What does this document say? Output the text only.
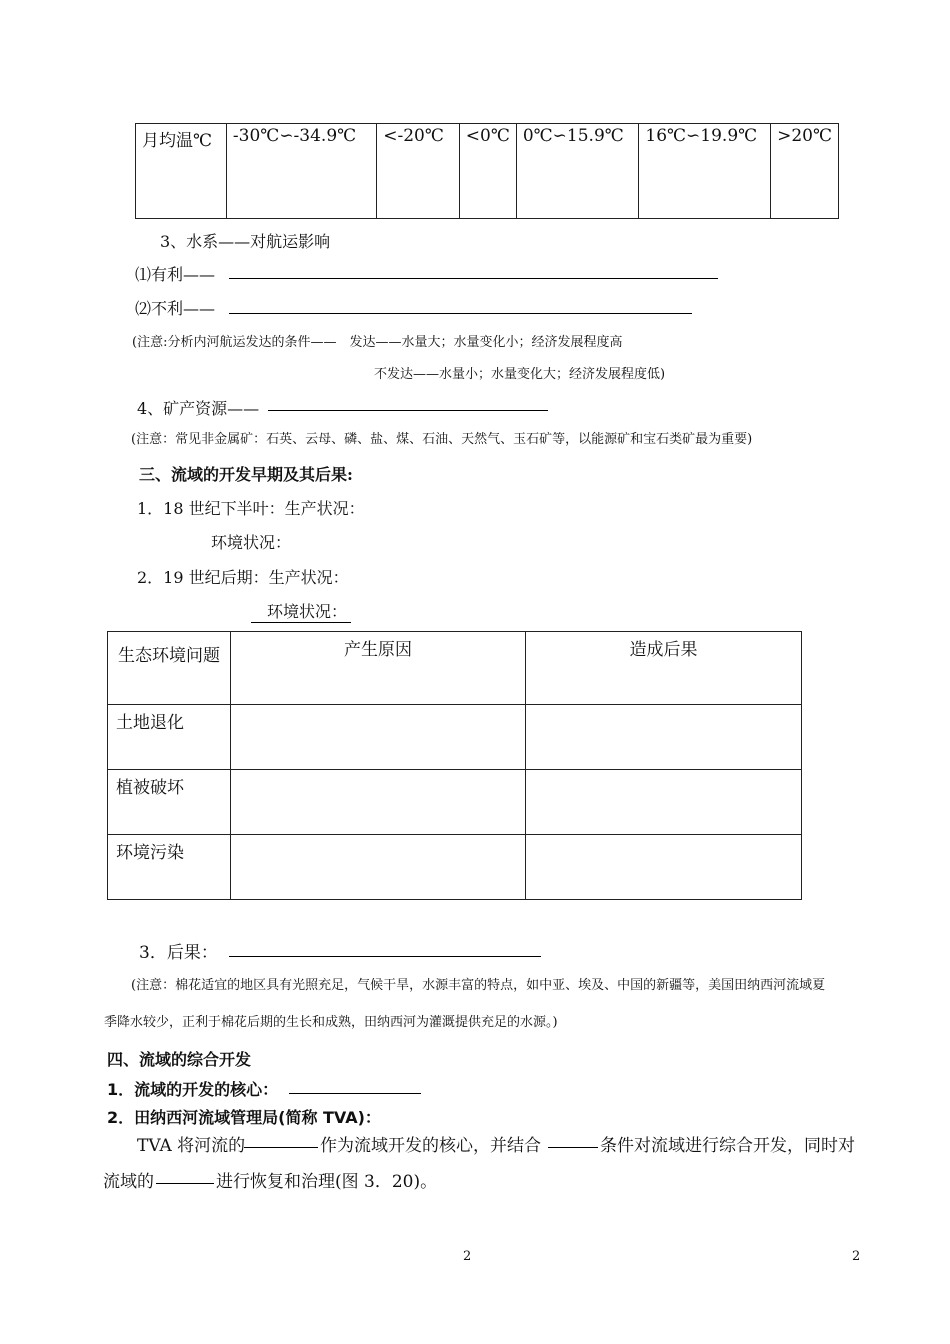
月均温℃	-30℃∽-34.9℃	<-20℃	<0℃	0℃∽15.9℃	16℃∽19.9℃	>20℃
3、水系——对航运影响
⑴有利——
⑵不利——
(注意:分析内河航运发达的条件——　发达——水量大；水量变化小；经济发展程度高
不发达——水量小；水量变化大；经济发展程度低)
4、矿产资源——
(注意：常见非金属矿：石英、云母、磷、盐、煤、石油、天然气、玉石矿等，以能源矿和宝石类矿最为重要)
三、流域的开发早期及其后果:
1．18 世纪下半叶：生产状况：
环境状况：
2．19 世纪后期：生产状况：
环境状况：
生态环境问题	产生原因	造成后果
土地退化		
植被破坏		
环境污染		
3．后果：
(注意：棉花适宜的地区具有光照充足，气候干旱，水源丰富的特点，如中亚、埃及、中国的新疆等，美国田纳西河流域夏
季降水较少，正利于棉花后期的生长和成熟，田纳西河为灌溉提供充足的水源。)
四、流域的综合开发
1．流域的开发的核心：
2．田纳西河流域管理局(简称 TVA)：
TVA 将河流的	作为流域开发的核心，并结合	条件对流域进行综合开发，同时对
流域的	进行恢复和治理(图 3．20)。
2	2
